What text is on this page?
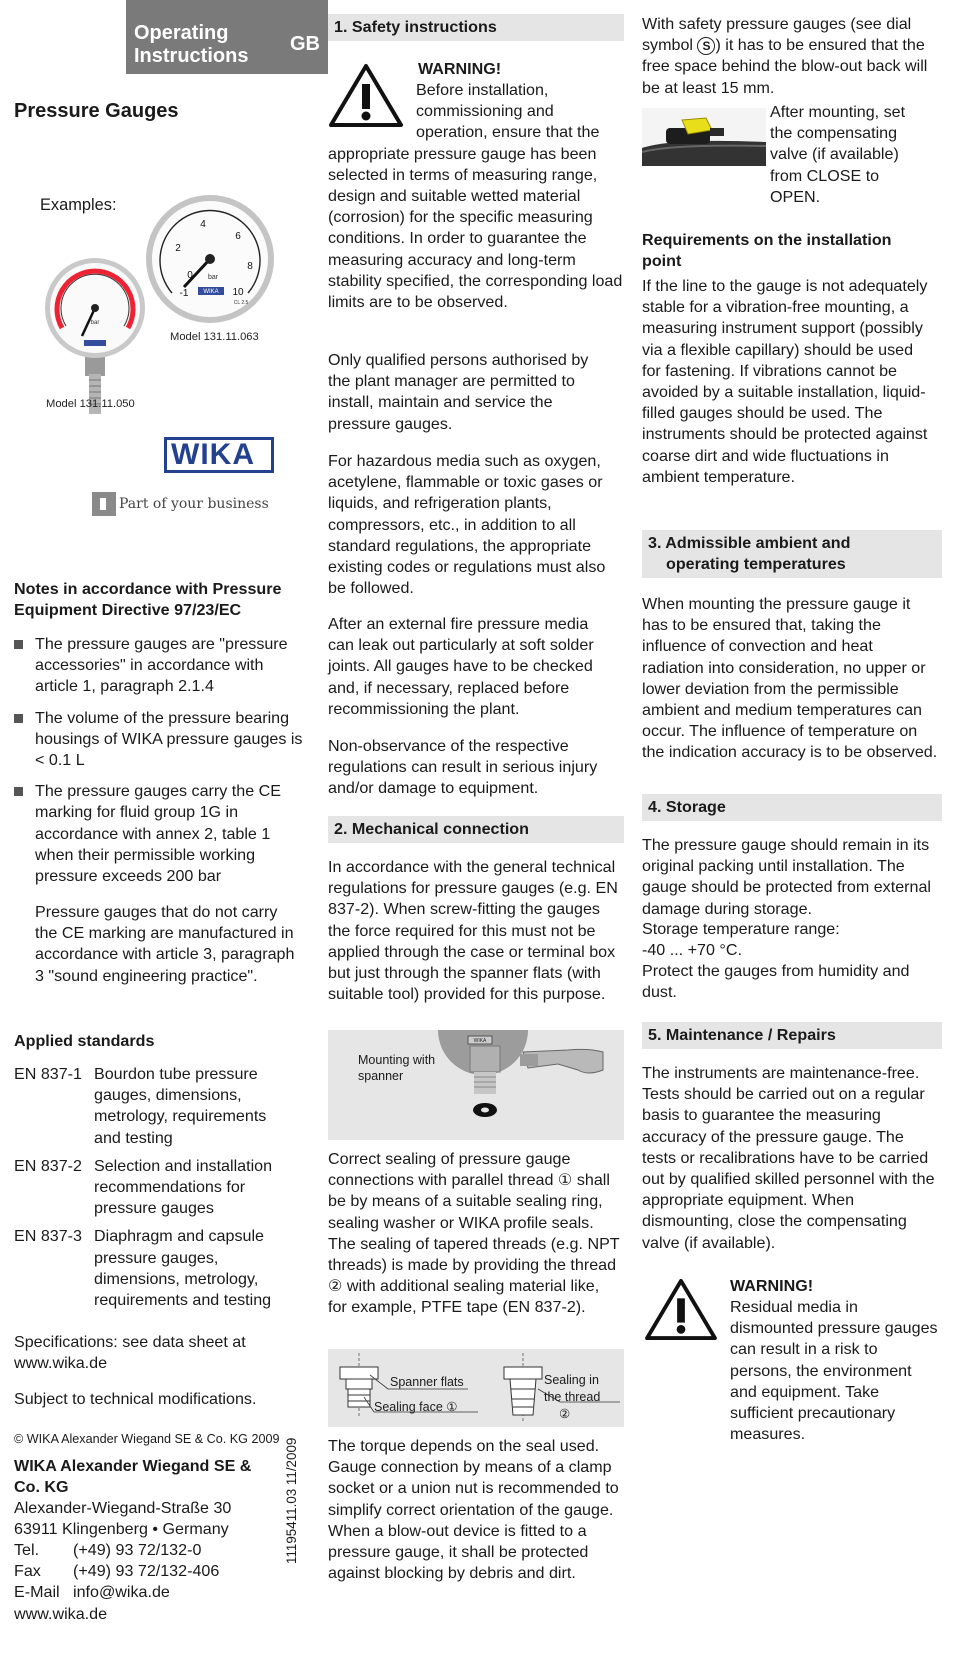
Operating
Instructions
GB
Pressure Gauges
Examples:
bar
-1
0
2
4
6
8
10
bar
WIKA
CL 2.5
Model 131.11.063
Model 131.11.050
WIKA
Part of your business
Notes in accordance with Pressure Equipment Directive 97/23/EC
The pressure gauges are "pressure accessories" in accordance with article 1, paragraph 2.1.4
The volume of the pressure bearing housings of WIKA pressure gauges is < 0.1 L
The pressure gauges carry the CE marking for fluid group 1G in accordance with annex 2, table 1 when their permissible working pressure exceeds 200 bar

Pressure gauges that do not carry the CE marking are manufactured in accordance with article 3, paragraph 3 "sound engineering practice".

Applied standards

EN 837-1 Bourdon tube pressure gauges, dimensions, metrology, requirements and testing
EN 837-2 Selection and installation recommendations for pressure gauges
EN 837-3 Diaphragm and capsule pressure gauges, dimensions, metrology, requirements and testing

Specifications: see data sheet at www.wika.de

Subject to technical modifications.

© WIKA Alexander Wiegand SE & Co. KG 2009

WIKA Alexander Wiegand SE & Co. KG

Alexander-Wiegand-Straße 30

63911 Klingenberg • Germany

Tel. (+49) 93 72/132-0
Fax (+49) 93 72/132-406
E-Mail info@wika.de
www.wika.de
11195411.03 11/2009
1. Safety instructions

WARNING!

Before installation, commissioning and operation, ensure that the appropriate pressure gauge has been selected in terms of measuring range, design and suitable wetted material (corrosion) for the specific measuring conditions. In order to guarantee the measuring accuracy and long-term stability specified, the corresponding load limits are to be observed.

Only qualified persons authorised by the plant manager are permitted to install, maintain and service the pressure gauges.

For hazardous media such as oxygen, acetylene, flammable or toxic gases or liquids, and refrigeration plants, compressors, etc., in addition to all standard regulations, the appropriate existing codes or regulations must also be followed.

After an external fire pressure media can leak out particularly at soft solder joints. All gauges have to be checked and, if necessary, replaced before recommissioning the plant.

Non-observance of the respective regulations can result in serious injury and/or damage to equipment.

2. Mechanical connection

In accordance with the general technical regulations for pressure gauges (e.g. EN 837-2). When screw-fitting the gauges the force required for this must not be applied through the case or terminal box but just through the spanner flats (with suitable tool) provided for this purpose.

Mounting with spanner

WIKA

Correct sealing of pressure gauge connections with parallel thread ① shall be by means of a suitable sealing ring, sealing washer or WIKA profile seals. The sealing of tapered threads (e.g. NPT threads) is made by providing the thread ② with additional sealing material like, for example, PTFE tape (EN 837-2).

Spanner flats
Sealing face ①
Sealing in
the thread
②

The torque depends on the seal used. Gauge connection by means of a clamp socket or a union nut is recommended to simplify correct orientation of the gauge. When a blow-out device is fitted to a pressure gauge, it shall be protected against blocking by debris and dirt.

With safety pressure gauges (see dial symbol S ) it has to be ensured that the free space behind the blow-out back will be at least 15 mm.

After mounting, set the compensating valve (if available) from CLOSE to OPEN.

Requirements on the installation point

If the line to the gauge is not adequately stable for a vibration-free mounting, a measuring instrument support (possibly via a flexible capillary) should be used for fastening. If vibrations cannot be avoided by a suitable installation, liquid-filled gauges should be used. The instruments should be protected against coarse dirt and wide fluctuations in ambient temperature.

3. Admissible ambient and
operating temperatures

When mounting the pressure gauge it has to be ensured that, taking the influence of convection and heat radiation into consideration, no upper or lower deviation from the permissible ambient and medium temperatures can occur. The influence of temperature on the indication accuracy is to be observed.

4. Storage

The pressure gauge should remain in its original packing until installation. The gauge should be protected from external damage during storage.

Storage temperature range:

-40 ... +70 °C.

Protect the gauges from humidity and dust.

5. Maintenance / Repairs

The instruments are maintenance-free. Tests should be carried out on a regular basis to guarantee the measuring accuracy of the pressure gauge. The tests or recalibrations have to be carried out by qualified skilled personnel with the appropriate equipment. When dismounting, close the compensating valve (if available).

WARNING!

Residual media in dismounted pressure gauges can result in a risk to persons, the environment and equipment. Take sufficient precautionary measures.
